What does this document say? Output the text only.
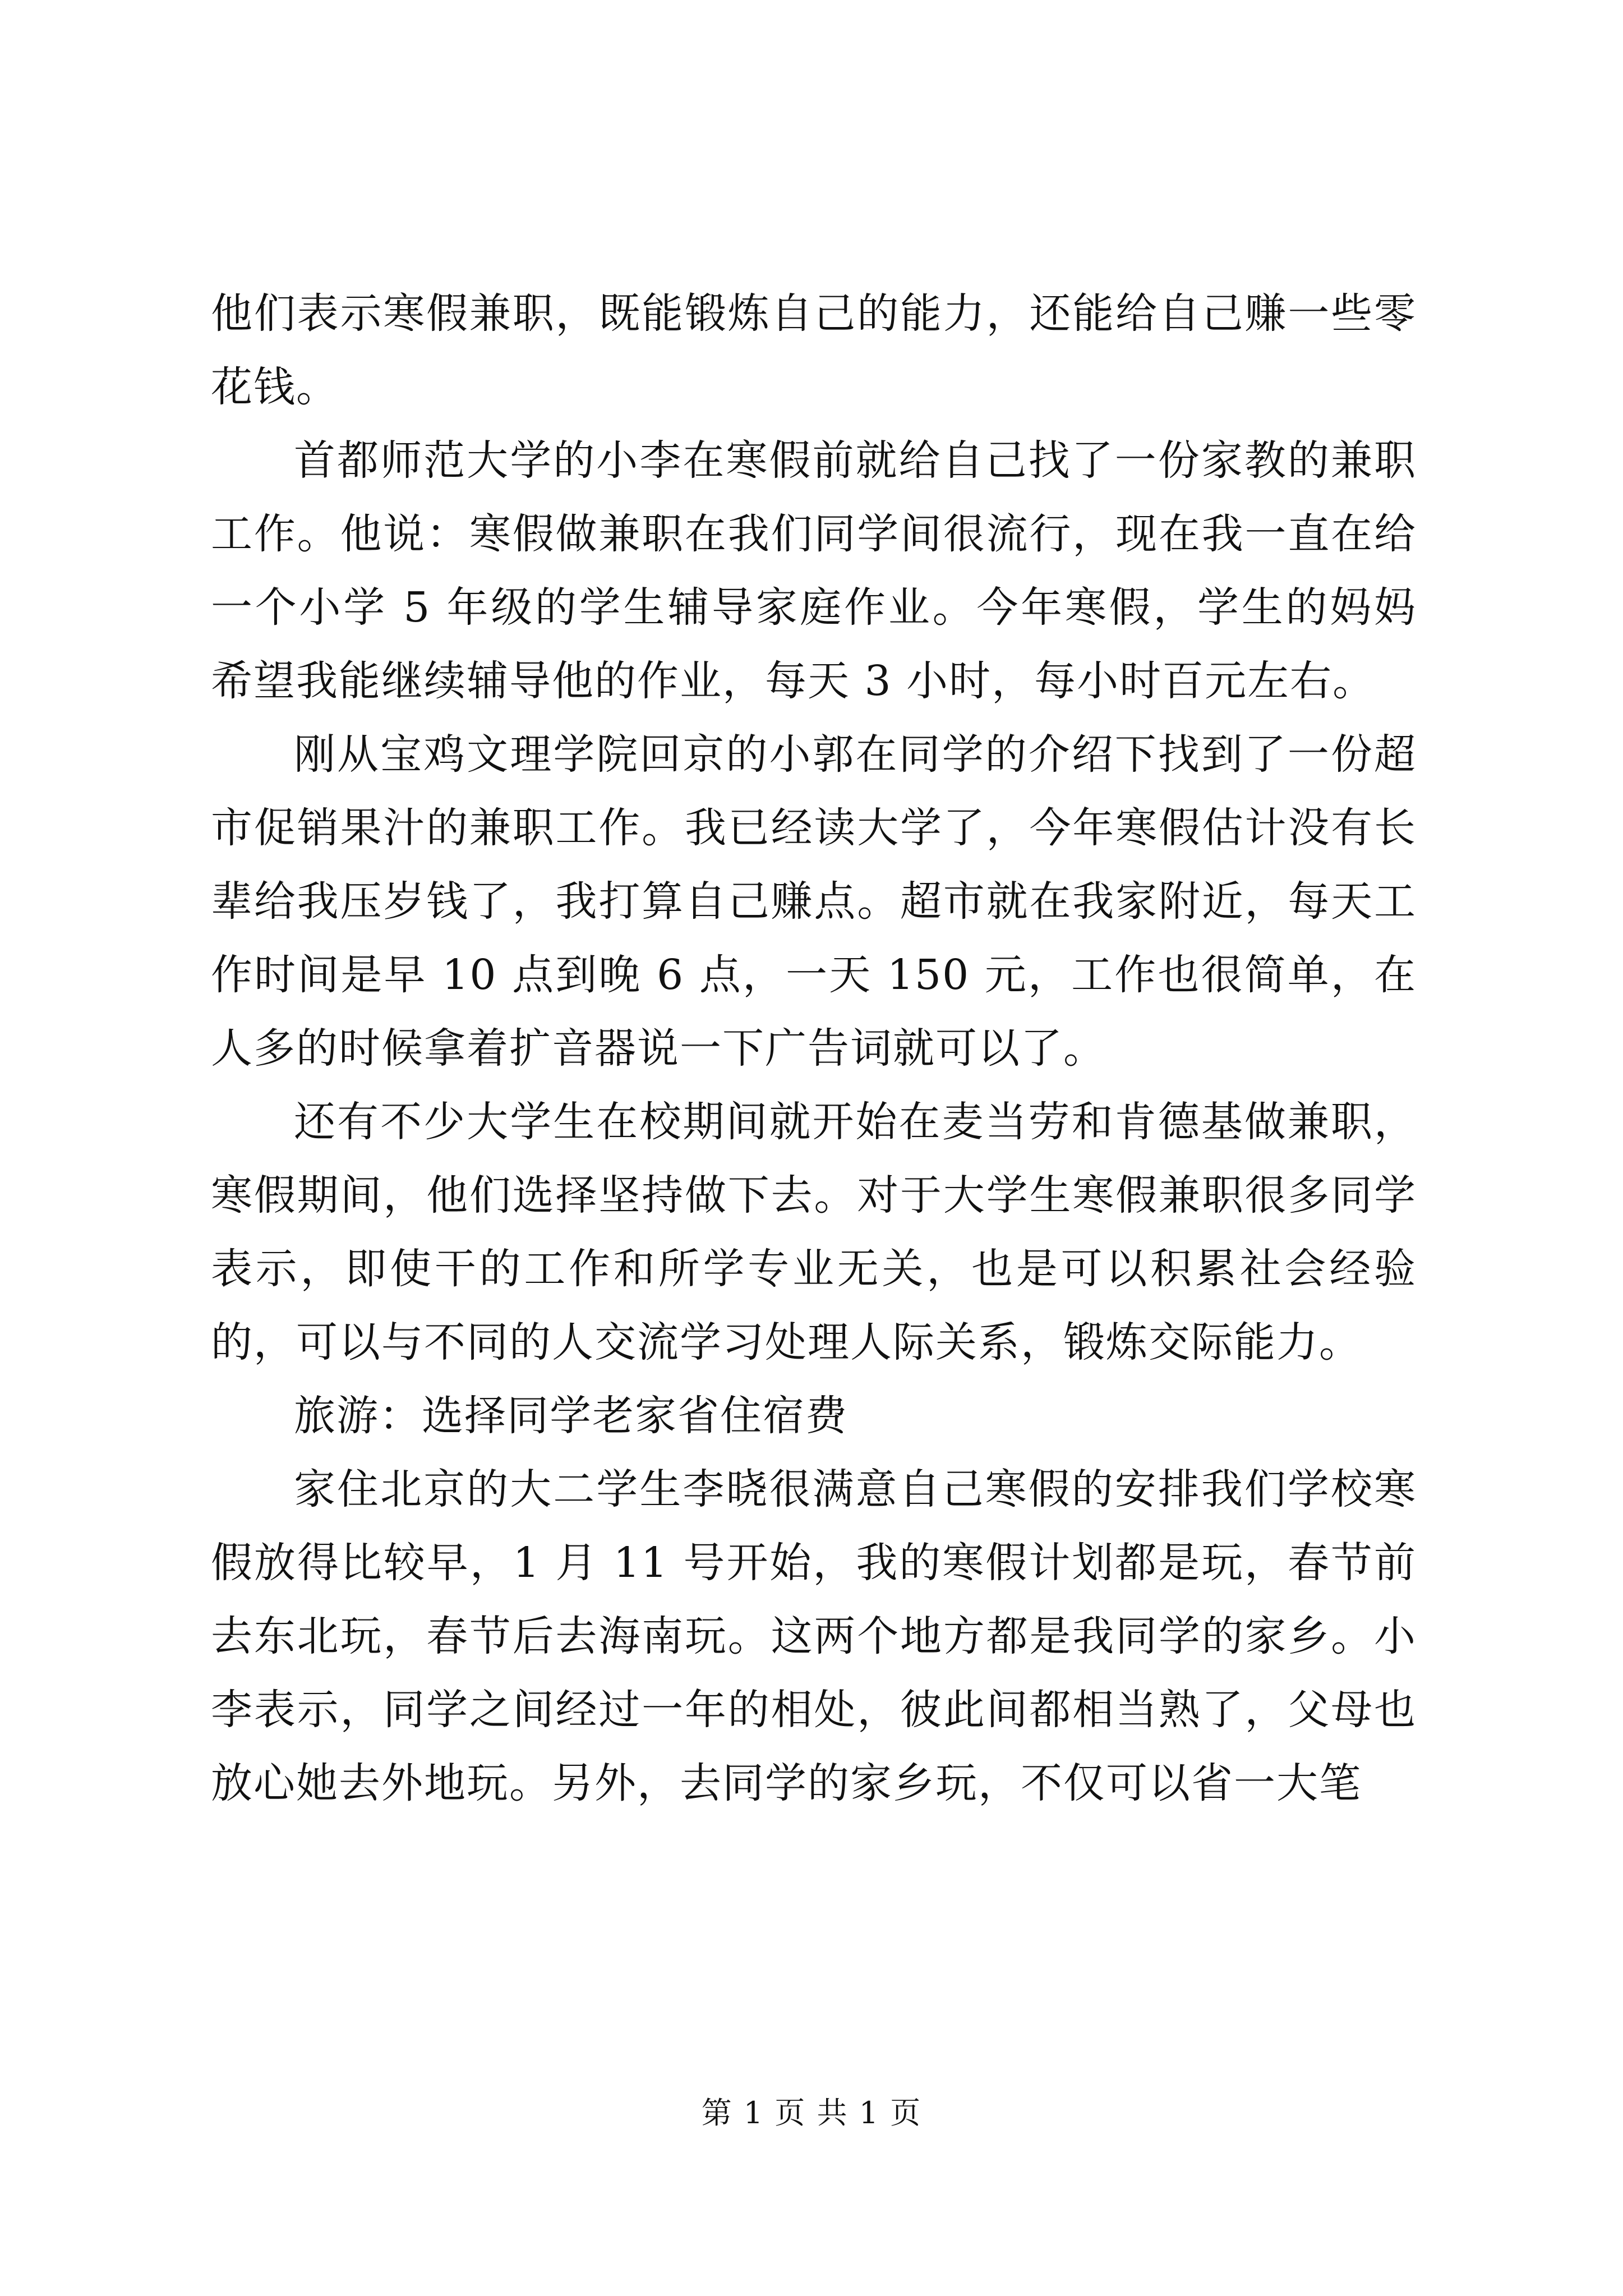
他们表示寒假兼职，既能锻炼自己的能力，还能给自己赚一些零花钱。

首都师范大学的小李在寒假前就给自己找了一份家教的兼职工作。他说：寒假做兼职在我们同学间很流行，现在我一直在给一个小学 5 年级的学生辅导家庭作业。今年寒假，学生的妈妈希望我能继续辅导他的作业，每天 3 小时，每小时百元左右。

刚从宝鸡文理学院回京的小郭在同学的介绍下找到了一份超市促销果汁的兼职工作。我已经读大学了，今年寒假估计没有长辈给我压岁钱了，我打算自己赚点。超市就在我家附近，每天工作时间是早 10 点到晚 6 点，一天 150 元，工作也很简单，在人多的时候拿着扩音器说一下广告词就可以了。

还有不少大学生在校期间就开始在麦当劳和肯德基做兼职，寒假期间，他们选择坚持做下去。对于大学生寒假兼职很多同学表示，即使干的工作和所学专业无关，也是可以积累社会经验的，可以与不同的人交流学习处理人际关系，锻炼交际能力。

旅游：选择同学老家省住宿费

家住北京的大二学生李晓很满意自己寒假的安排我们学校寒假放得比较早，1 月 11 号开始，我的寒假计划都是玩，春节前去东北玩，春节后去海南玩。这两个地方都是我同学的家乡。小李表示，同学之间经过一年的相处，彼此间都相当熟了，父母也放心她去外地玩。另外，去同学的家乡玩，不仅可以省一大笔

第 1 页 共 1 页
